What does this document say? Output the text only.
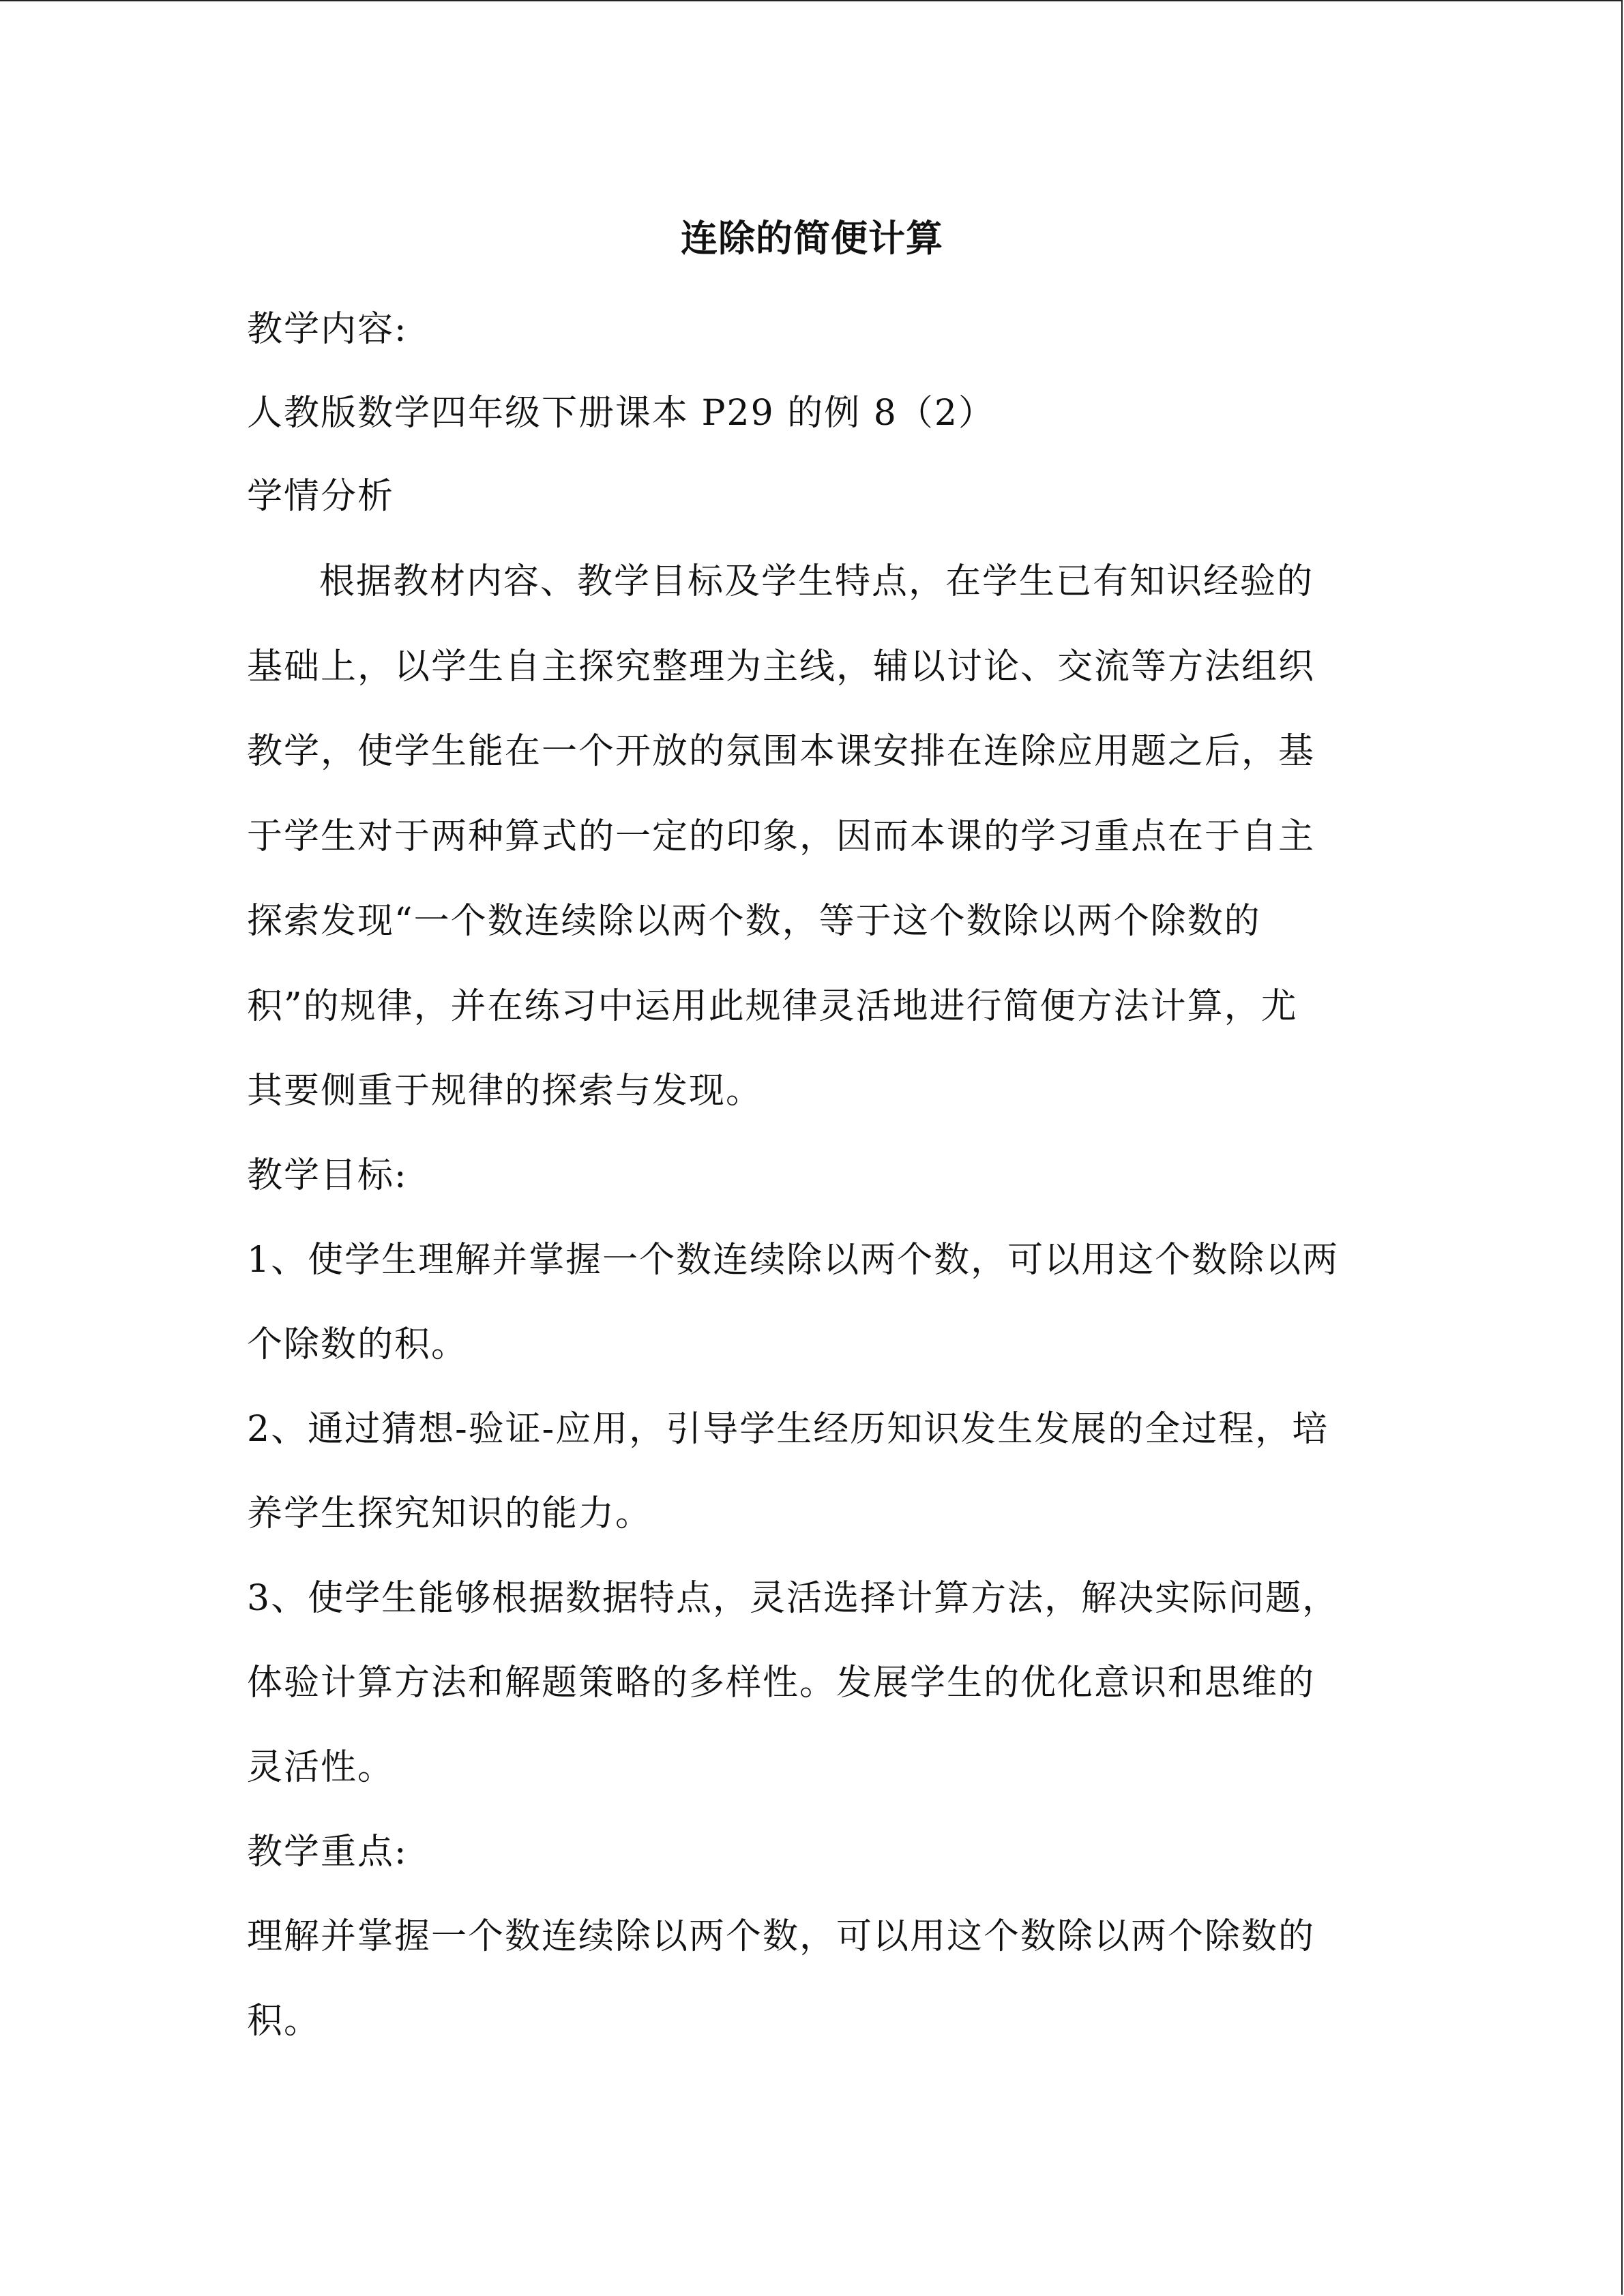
连除的简便计算

教学内容:

人教版数学四年级下册课本 P29 的例 8（2）

学情分析

根据教材内容、教学目标及学生特点，在学生已有知识经验的

基础上，以学生自主探究整理为主线，辅以讨论、交流等方法组织

教学，使学生能在一个开放的氛围本课安排在连除应用题之后，基

于学生对于两种算式的一定的印象，因而本课的学习重点在于自主

探索发现“一个数连续除以两个数，等于这个数除以两个除数的

积”的规律，并在练习中运用此规律灵活地进行简便方法计算，尤

其要侧重于规律的探索与发现。

教学目标:

1、使学生理解并掌握一个数连续除以两个数，可以用这个数除以两

个除数的积。

2、通过猜想-验证-应用，引导学生经历知识发生发展的全过程，培

养学生探究知识的能力。

3、使学生能够根据数据特点，灵活选择计算方法，解决实际问题，

体验计算方法和解题策略的多样性。发展学生的优化意识和思维的

灵活性。

教学重点:

理解并掌握一个数连续除以两个数，可以用这个数除以两个除数的

积。
